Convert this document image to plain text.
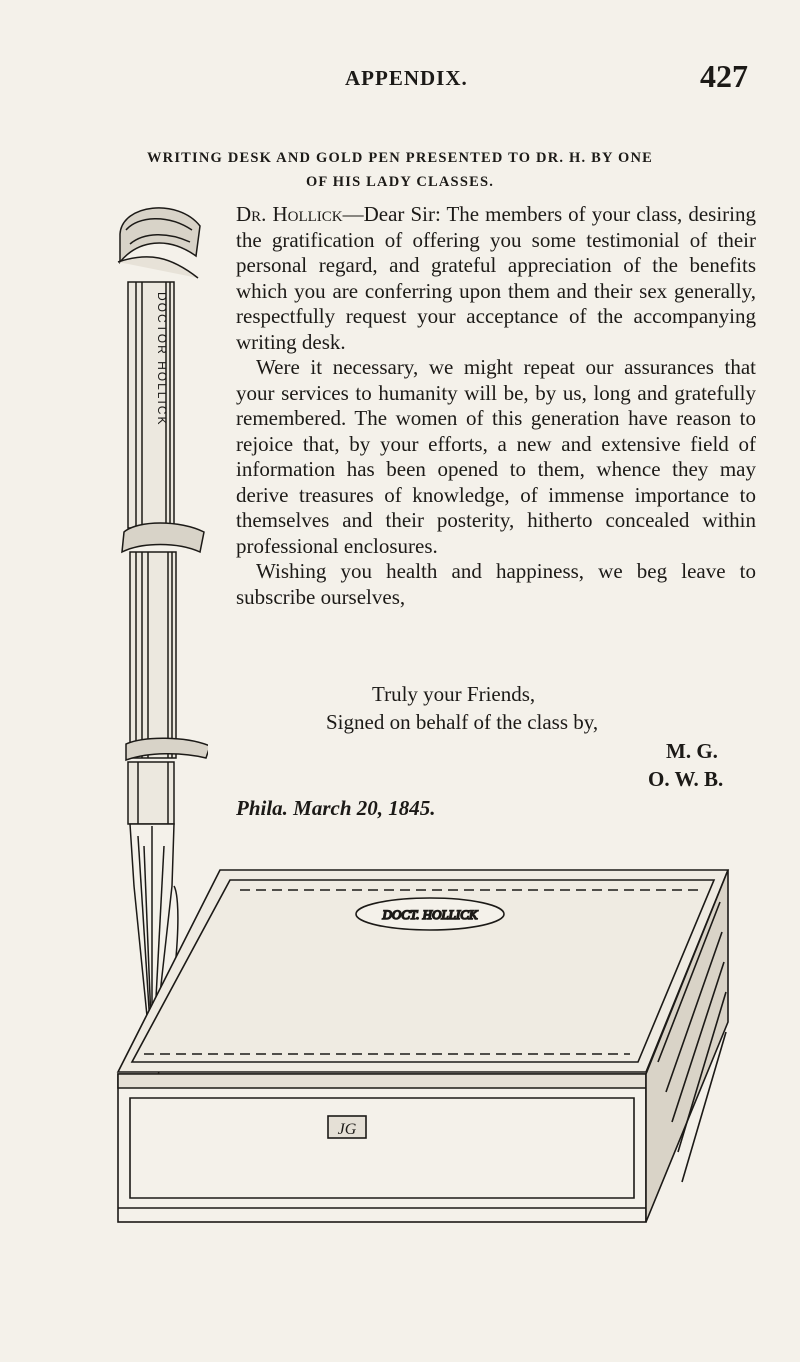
APPENDIX.	427
WRITING DESK AND GOLD PEN PRESENTED TO DR. H. BY ONE
OF HIS LADY CLASSES.
DOCTOR HOLLICK

Dr. Hollick—Dear Sir: The members of your class, desiring the gratification of offering you some testimonial of their personal regard, and grateful appreciation of the benefits which you are conferring upon them and their sex generally, respectfully request your acceptance of the accompanying writing desk.

Were it necessary, we might repeat our assurances that your services to humanity will be, by us, long and gratefully remembered. The women of this generation have reason to rejoice that, by your efforts, a new and extensive field of information has been opened to them, whence they may derive treasures of knowledge, of immense importance to themselves and their posterity, hitherto concealed within professional enclosures.

Wishing you health and happiness, we beg leave to subscribe ourselves,

Truly your Friends,
Signed on behalf of the class by,
M. G.
O. W. B.
Phila. March 20, 1845.
DOCT. HOLLICK
JG
